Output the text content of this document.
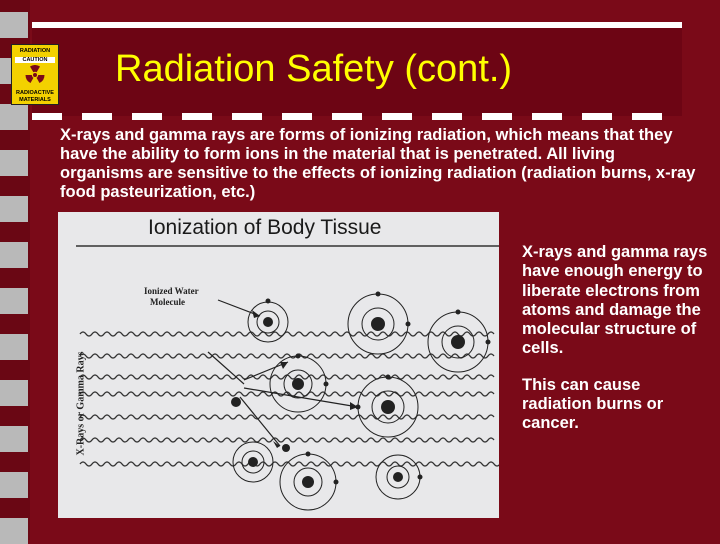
RADIATION
CAUTION
RADIOACTIVE
MATERIALS
Radiation Safety (cont.)
X-rays and gamma rays are forms of ionizing radiation, which means that they have the ability to form ions in the material that is penetrated. All living organisms are sensitive to the effects of ionizing radiation (radiation burns, x-ray food pasteurization, etc.)
Ionization of Body Tissue
Ionized Water
Molecule
X-Rays or Gamma Rays

X-rays and gamma rays have enough energy to liberate electrons from atoms and damage the molecular structure of cells.

This can cause radiation burns or cancer.
